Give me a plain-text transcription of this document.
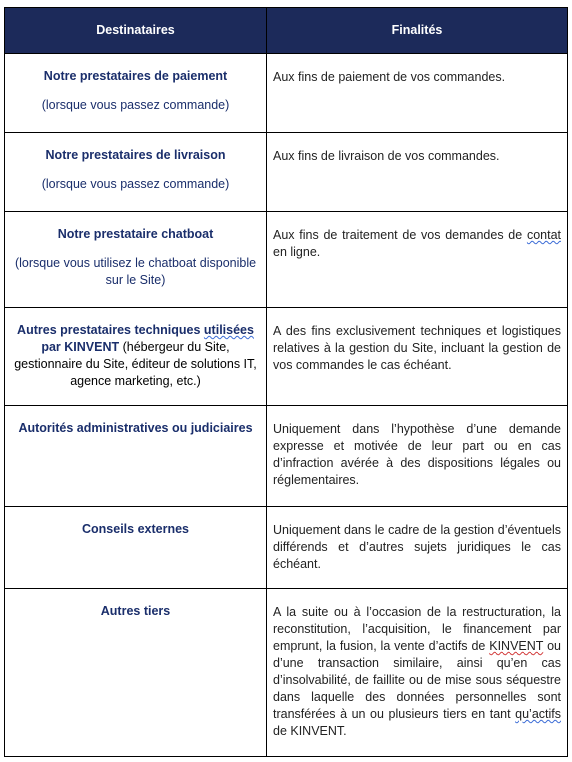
Destinataires	Finalités

Notre prestataires de paiement
(lorsque vous passez commande)	Aux fins de paiement de vos commandes.

Notre prestataires de livraison
(lorsque vous passez commande)	Aux fins de livraison de vos commandes.

Notre prestataire chatboat
(lorsque vous utilisez le chatboat disponible sur le Site)	Aux fins de traitement de vos demandes de contat en ligne.
Autres prestataires techniques utilisées par KINVENT (hébergeur du Site, gestionnaire du Site, éditeur de solutions IT, agence marketing, etc.)	A des fins exclusivement techniques et logistiques relatives à la gestion du Site, incluant la gestion de vos commandes le cas échéant.

Autorités administratives ou judiciaires	Uniquement dans l’hypothèse d’une demande expresse et motivée de leur part ou en cas d’infraction avérée à des dispositions légales ou réglementaires.

Conseils externes	Uniquement dans le cadre de la gestion d’éventuels différends et d’autres sujets juridiques le cas échéant.

Autres tiers	A la suite ou à l’occasion de la restructuration, la reconstitution, l’acquisition, le financement par emprunt, la fusion, la vente d’actifs de KINVENT ou d’une transaction similaire, ainsi qu’en cas d’insolvabilité, de faillite ou de mise sous séquestre dans laquelle des données personnelles sont transférées à un ou plusieurs tiers en tant qu’actifs de KINVENT.
